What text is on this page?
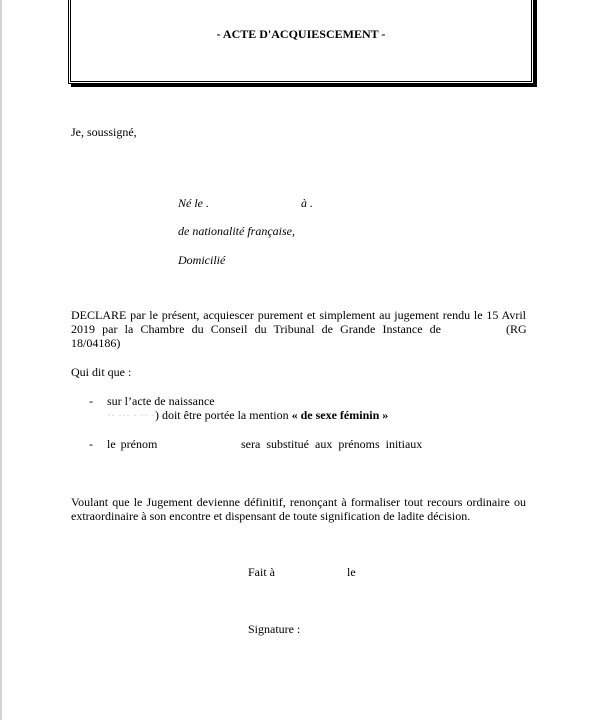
- ACTE D'ACQUIESCEMENT -
Je, soussigné,
Né le .	à .
de nationalité française,
Domicilié
DECLARE par le présent, acquiescer purement et simplement au jugement rendu le 15 Avril
2019 par la Chambre du Conseil du Tribunal de Grande Instance de	(RG
18/04186)
Qui dit que :
- sur l’acte de naissance
·· ··· · ·· ·) doit être portée la mention « de sexe féminin »
- le prénom	sera substitué aux prénoms initiaux
Voulant que le Jugement devienne définitif, renonçant à formaliser tout recours ordinaire ou extraordinaire à son encontre et dispensant de toute signification de ladite décision.
Fait à	le
Signature :
